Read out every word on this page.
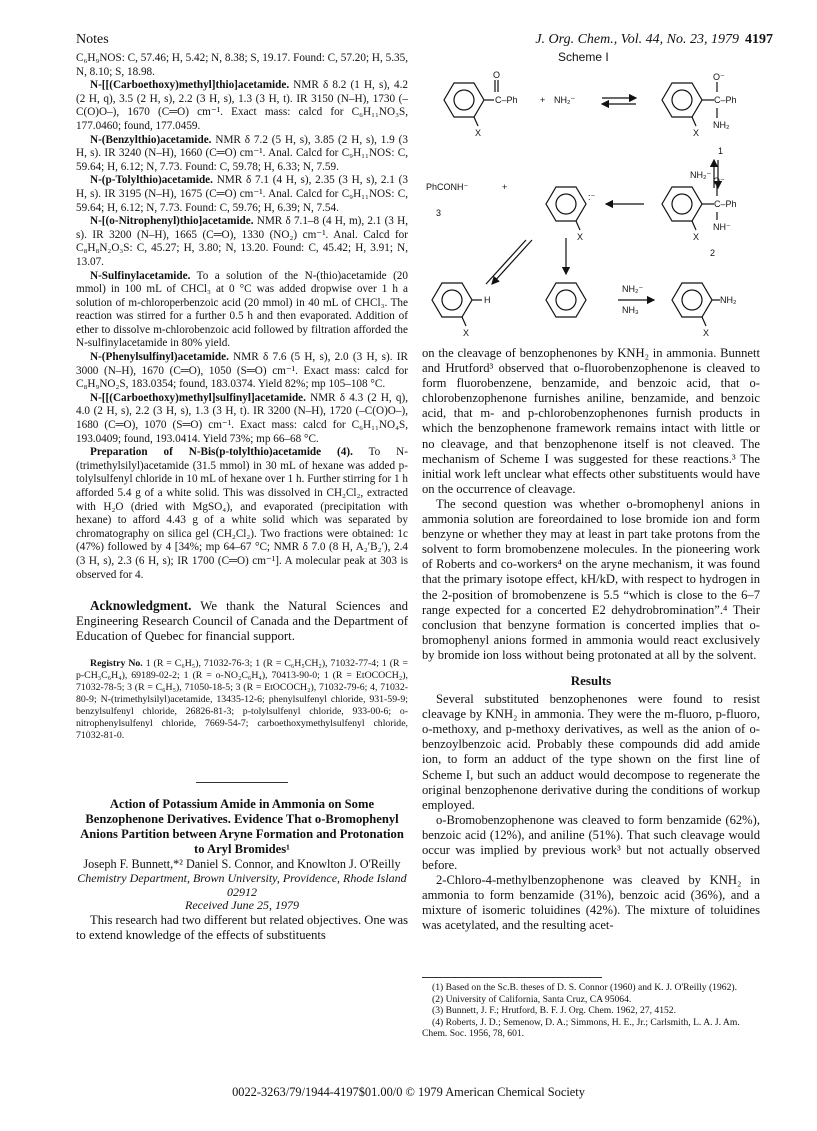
Notes	J. Org. Chem., Vol. 44, No. 23, 1979 4197

C₆H₉NOS: C, 57.46; H, 5.42; N, 8.38; S, 19.17. Found: C, 57.20; H, 5.35, N, 8.10; S, 18.98.

N-[[(Carboethoxy)methyl]thio]acetamide. NMR δ 8.2 (1 H, s), 4.2 (2 H, q), 3.5 (2 H, s), 2.2 (3 H, s), 1.3 (3 H, t). IR 3150 (N–H), 1730 (–C(O)O–), 1670 (C═O) cm⁻¹. Exact mass: calcd for C₆H₁₁NO₃S, 177.0460; found, 177.0459.

N-(Benzylthio)acetamide. NMR δ 7.2 (5 H, s), 3.85 (2 H, s), 1.9 (3 H, s). IR 3240 (N–H), 1660 (C═O) cm⁻¹. Anal. Calcd for C₉H₁₁NOS: C, 59.64; H, 6.12; N, 7.73. Found: C, 59.78; H, 6.33; N, 7.59.

N-(p-Tolylthio)acetamide. NMR δ 7.1 (4 H, s), 2.35 (3 H, s), 2.1 (3 H, s). IR 3195 (N–H), 1675 (C═O) cm⁻¹. Anal. Calcd for C₉H₁₁NOS: C, 59.64; H, 6.12; N, 7.73. Found: C, 59.76; H, 6.39; N, 7.54.

N-[(o-Nitrophenyl)thio]acetamide. NMR δ 7.1–8 (4 H, m), 2.1 (3 H, s). IR 3200 (N–H), 1665 (C═O), 1330 (NO₂) cm⁻¹. Anal. Calcd for C₈H₈N₂O₃S: C, 45.27; H, 3.80; N, 13.20. Found: C, 45.42; H, 3.91; N, 13.07.

N-Sulfinylacetamide. To a solution of the N-(thio)acetamide (20 mmol) in 100 mL of CHCl₃ at 0 °C was added dropwise over 1 h a solution of m-chloroperbenzoic acid (20 mmol) in 40 mL of CHCl₃. The reaction was stirred for a further 0.5 h and then evaporated. Addition of ether to dissolve m-chlorobenzoic acid followed by filtration afforded the N-sulfinylacetamide in 80% yield.

N-(Phenylsulfinyl)acetamide. NMR δ 7.6 (5 H, s), 2.0 (3 H, s). IR 3000 (N–H), 1670 (C═O), 1050 (S═O) cm⁻¹. Exact mass: calcd for C₈H₉NO₂S, 183.0354; found, 183.0374. Yield 82%; mp 105–108 °C.

N-[[(Carboethoxy)methyl]sulfinyl]acetamide. NMR δ 4.3 (2 H, q), 4.0 (2 H, s), 2.2 (3 H, s), 1.3 (3 H, t). IR 3200 (N–H), 1720 (–C(O)O–), 1680 (C═O), 1070 (S═O) cm⁻¹. Exact mass: calcd for C₆H₁₁NO₄S, 193.0409; found, 193.0414. Yield 73%; mp 66–68 °C.

Preparation of N-Bis(p-tolylthio)acetamide (4). To N-(trimethylsilyl)acetamide (31.5 mmol) in 30 mL of hexane was added p-tolylsulfenyl chloride in 10 mL of hexane over 1 h. Further stirring for 1 h afforded 5.4 g of a white solid. This was dissolved in CH₂Cl₂, extracted with H₂O (dried with MgSO₄), and evaporated (precipitation with hexane) to afford 4.43 g of a white solid which was separated by chromatography on silica gel (CH₂Cl₂). Two fractions were obtained: 1c (47%) followed by 4 [34%; mp 64–67 °C; NMR δ 7.0 (8 H, A₂′B₂′), 2.4 (3 H, s), 2.3 (6 H, s); IR 1700 (C═O) cm⁻¹]. A molecular peak at 303 is observed for 4.

Acknowledgment. We thank the Natural Sciences and Engineering Research Council of Canada and the Department of Education of Quebec for financial support.

Registry No. 1 (R = C₆H₅), 71032-76-3; 1 (R = C₆H₅CH₂), 71032-77-4; 1 (R = p-CH₃C₆H₄), 69189-02-2; 1 (R = o-NO₂C₆H₄), 70413-90-0; 1 (R = EtOCOCH₂), 71032-78-5; 3 (R = C₆H₅), 71050-18-5; 3 (R = EtOCOCH₂), 71032-79-6; 4, 71032-80-9; N-(trimethylsilyl)acetamide, 13435-12-6; phenylsulfenyl chloride, 931-59-9; benzylsulfenyl chloride, 26826-81-3; p-tolylsulfenyl chloride, 933-00-6; o-nitrophenylsulfenyl chloride, 7669-54-7; carboethoxymethylsulfenyl chloride, 71032-81-0.

Action of Potassium Amide in Ammonia on Some Benzophenone Derivatives. Evidence That o-Bromophenyl Anions Partition between Aryne Formation and Protonation to Aryl Bromides¹

Joseph F. Bunnett,*² Daniel S. Connor, and Knowlton J. O'Reilly

Chemistry Department, Brown University, Providence, Rhode Island 02912

Received June 25, 1979

This research had two different but related objectives. One was to extend knowledge of the effects of substituents

Scheme I
O
C–Ph + NH₂⁻
X
O⁻
C–Ph
NH₂
X
1
NH₂⁻
PhCONH⁻
3
+
:⁻
X
O⁻
C–Ph
NH⁻
X
2
H
X
NH₂⁻
NH₃
NH₂
X

on the cleavage of benzophenones by KNH₂ in ammonia. Bunnett and Hrutford³ observed that o-fluorobenzophenone is cleaved to form fluorobenzene, benzamide, and benzoic acid, that o-chlorobenzophenone furnishes aniline, benzamide, and benzoic acid, that m- and p-chlorobenzophenones furnish products in which the benzophenone framework remains intact with little or no cleavage, and that benzophenone itself is not cleaved. The mechanism of Scheme I was suggested for these reactions.³ The initial work left unclear what effects other substituents would have on the occurrence of cleavage.

The second question was whether o-bromophenyl anions in ammonia solution are foreordained to lose bromide ion and form benzyne or whether they may at least in part take protons from the solvent to form bromobenzene molecules. In the pioneering work of Roberts and co-workers⁴ on the aryne mechanism, it was found that the primary isotope effect, kH/kD, with respect to hydrogen in the 2-position of bromobenzene is 5.5 “which is close to the 6–7 range expected for a concerted E2 dehydrobromination”.⁴ Their conclusion that benzyne formation is concerted implies that o-bromophenyl anions formed in ammonia would react exclusively by bromide ion loss without being protonated at all by the solvent.

Results

Several substituted benzophenones were found to resist cleavage by KNH₂ in ammonia. They were the m-fluoro, p-fluoro, o-methoxy, and p-methoxy derivatives, as well as the anion of o-benzoylbenzoic acid. Probably these compounds did add amide ion, to form an adduct of the type shown on the first line of Scheme I, but such an adduct would decompose to regenerate the original benzophenone derivative during the conditions of workup employed.

o-Bromobenzophenone was cleaved to form benzamide (62%), benzoic acid (12%), and aniline (51%). That such cleavage would occur was implied by previous work³ but not actually observed before.

2-Chloro-4-methylbenzophenone was cleaved by KNH₂ in ammonia to form benzamide (31%), benzoic acid (36%), and a mixture of isomeric toluidines (42%). The mixture of toluidines was acetylated, and the resulting acet-

(1) Based on the Sc.B. theses of D. S. Connor (1960) and K. J. O'Reilly (1962).

(2) University of California, Santa Cruz, CA 95064.

(3) Bunnett, J. F.; Hrutford, B. F. J. Org. Chem. 1962, 27, 4152.

(4) Roberts, J. D.; Semenow, D. A.; Simmons, H. E., Jr.; Carlsmith, L. A. J. Am. Chem. Soc. 1956, 78, 601.

0022-3263/79/1944-4197$01.00/0 © 1979 American Chemical Society
